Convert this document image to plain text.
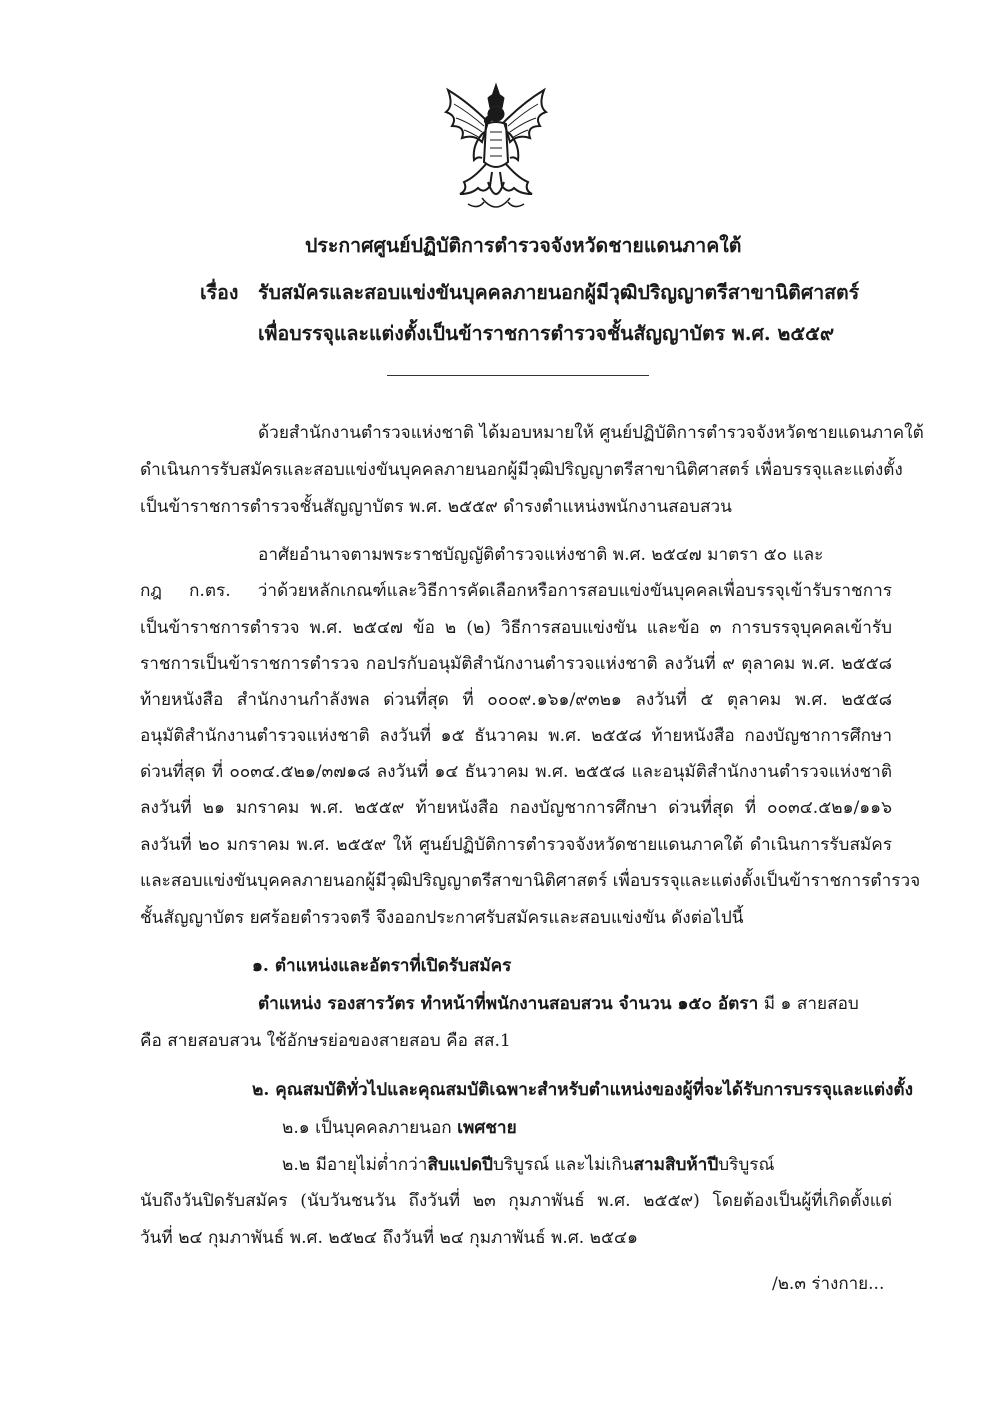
ประกาศศูนย์ปฏิบัติการตำรวจจังหวัดชายแดนภาคใต้
เรื่อง รับสมัครและสอบแข่งขันบุคคลภายนอกผู้มีวุฒิปริญญาตรีสาขานิติศาสตร์
เพื่อบรรจุและแต่งตั้งเป็นข้าราชการตำรวจชั้นสัญญาบัตร พ.ศ. ๒๕๕๙
ด้วยสำนักงานตำรวจแห่งชาติ ได้มอบหมายให้ ศูนย์ปฏิบัติการตำรวจจังหวัดชายแดนภาคใต้
ดำเนินการรับสมัครและสอบแข่งขันบุคคลภายนอกผู้มีวุฒิปริญญาตรีสาขานิติศาสตร์ เพื่อบรรจุและแต่งตั้ง
เป็นข้าราชการตำรวจชั้นสัญญาบัตร พ.ศ. ๒๕๕๙ ดำรงตำแหน่งพนักงานสอบสวน
อาศัยอำนาจตามพระราชบัญญัติตำรวจแห่งชาติ พ.ศ. ๒๕๔๗ มาตรา ๕๐ และ
กฎ ก.ตร. ว่าด้วยหลักเกณฑ์และวิธีการคัดเลือกหรือการสอบแข่งขันบุคคลเพื่อบรรจุเข้ารับราชการ
เป็นข้าราชการตำรวจ พ.ศ. ๒๕๔๗ ข้อ ๒ (๒) วิธีการสอบแข่งขัน และข้อ ๓ การบรรจุบุคคลเข้ารับ
ราชการเป็นข้าราชการตำรวจ กอปรกับอนุมัติสำนักงานตำรวจแห่งชาติ ลงวันที่ ๙ ตุลาคม พ.ศ. ๒๕๕๘
ท้ายหนังสือ สำนักงานกำลังพล ด่วนที่สุด ที่ ๐๐๐๙.๑๖๑/๙๓๒๑ ลงวันที่ ๕ ตุลาคม พ.ศ. ๒๕๕๘
อนุมัติสำนักงานตำรวจแห่งชาติ ลงวันที่ ๑๕ ธันวาคม พ.ศ. ๒๕๕๘ ท้ายหนังสือ กองบัญชาการศึกษา
ด่วนที่สุด ที่ ๐๐๓๔.๕๒๑/๓๗๑๘ ลงวันที่ ๑๔ ธันวาคม พ.ศ. ๒๕๕๘ และอนุมัติสำนักงานตำรวจแห่งชาติ
ลงวันที่ ๒๑ มกราคม พ.ศ. ๒๕๕๙ ท้ายหนังสือ กองบัญชาการศึกษา ด่วนที่สุด ที่ ๐๐๓๔.๕๒๑/๑๑๖
ลงวันที่ ๒๐ มกราคม พ.ศ. ๒๕๕๙ ให้ ศูนย์ปฏิบัติการตำรวจจังหวัดชายแดนภาคใต้ ดำเนินการรับสมัคร
และสอบแข่งขันบุคคลภายนอกผู้มีวุฒิปริญญาตรีสาขานิติศาสตร์ เพื่อบรรจุและแต่งตั้งเป็นข้าราชการตำรวจ
ชั้นสัญญาบัตร ยศร้อยตำรวจตรี จึงออกประกาศรับสมัครและสอบแข่งขัน ดังต่อไปนี้
๑. ตำแหน่งและอัตราที่เปิดรับสมัคร
ตำแหน่ง รองสารวัตร ทำหน้าที่พนักงานสอบสวน จำนวน ๑๕๐ อัตรา มี ๑ สายสอบ
คือ สายสอบสวน ใช้อักษรย่อของสายสอบ คือ สส.1
๒. คุณสมบัติทั่วไปและคุณสมบัติเฉพาะสำหรับตำแหน่งของผู้ที่จะได้รับการบรรจุและแต่งตั้ง
๒.๑ เป็นบุคคลภายนอก เพศชาย
๒.๒ มีอายุไม่ต่ำกว่าสิบแปดปีบริบูรณ์ และไม่เกินสามสิบห้าปีบริบูรณ์
นับถึงวันปิดรับสมัคร (นับวันชนวัน ถึงวันที่ ๒๓ กุมภาพันธ์ พ.ศ. ๒๕๕๙) โดยต้องเป็นผู้ที่เกิดตั้งแต่
วันที่ ๒๔ กุมภาพันธ์ พ.ศ. ๒๕๒๔ ถึงวันที่ ๒๔ กุมภาพันธ์ พ.ศ. ๒๕๔๑
/๒.๓ ร่างกาย...
